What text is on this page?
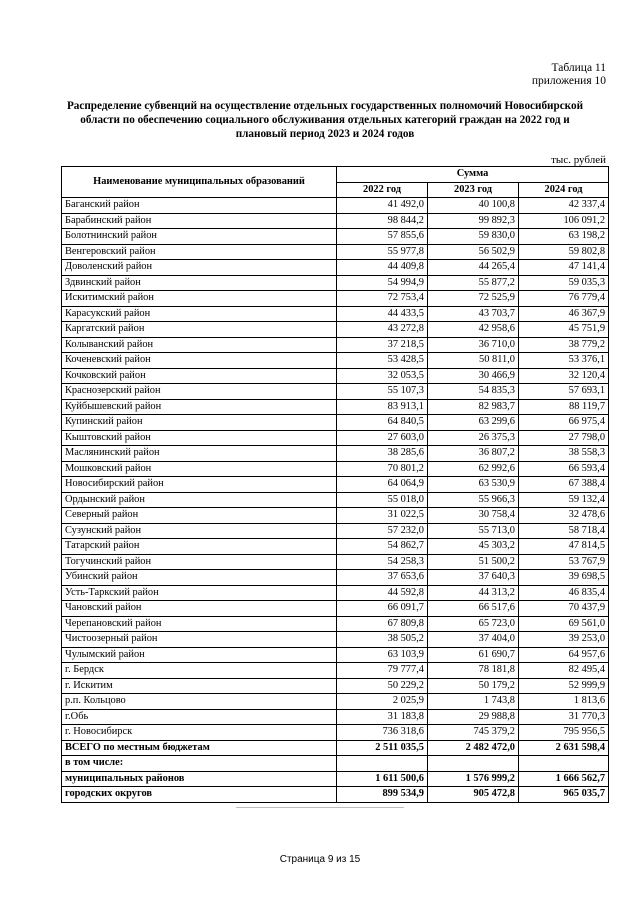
Таблица 11
приложения 10
Распределение субвенций на осуществление отдельных государственных полномочий Новосибирской области по обеспечению социального обслуживания отдельных категорий граждан на 2022 год и плановый период 2023 и 2024 годов
тыс. рублей
Наименование муниципальных образований	Сумма		
	2022 год	2023 год	2024 год
Баганский район	41 492,0	40 100,8	42 337,4
Барабинский район	98 844,2	99 892,3	106 091,2
Болотнинский район	57 855,6	59 830,0	63 198,2
Венгеровский район	55 977,8	56 502,9	59 802,8
Доволенский район	44 409,8	44 265,4	47 141,4
Здвинский район	54 994,9	55 877,2	59 035,3
Искитимский район	72 753,4	72 525,9	76 779,4
Карасукский район	44 433,5	43 703,7	46 367,9
Каргатский район	43 272,8	42 958,6	45 751,9
Колыванский район	37 218,5	36 710,0	38 779,2
Коченевский район	53 428,5	50 811,0	53 376,1
Кочковский район	32 053,5	30 466,9	32 120,4
Краснозерский район	55 107,3	54 835,3	57 693,1
Куйбышевский район	83 913,1	82 983,7	88 119,7
Купинский район	64 840,5	63 299,6	66 975,4
Кыштовский район	27 603,0	26 375,3	27 798,0
Маслянинский район	38 285,6	36 807,2	38 558,3
Мошковский район	70 801,2	62 992,6	66 593,4
Новосибирский район	64 064,9	63 530,9	67 388,4
Ордынский район	55 018,0	55 966,3	59 132,4
Северный район	31 022,5	30 758,4	32 478,6
Сузунский район	57 232,0	55 713,0	58 718,4
Татарский район	54 862,7	45 303,2	47 814,5
Тогучинский район	54 258,3	51 500,2	53 767,9
Убинский район	37 653,6	37 640,3	39 698,5
Усть-Таркский район	44 592,8	44 313,2	46 835,4
Чановский район	66 091,7	66 517,6	70 437,9
Черепановский район	67 809,8	65 723,0	69 561,0
Чистоозерный район	38 505,2	37 404,0	39 253,0
Чулымский район	63 103,9	61 690,7	64 957,6
г. Бердск	79 777,4	78 181,8	82 495,4
г. Искитим	50 229,2	50 179,2	52 999,9
р.п. Кольцово	2 025,9	1 743,8	1 813,6
г.Обь	31 183,8	29 988,8	31 770,3
г. Новосибирск	736 318,6	745 379,2	795 956,5
ВСЕГО по местным бюджетам	2 511 035,5	2 482 472,0	2 631 598,4
в том числе:			
муниципальных районов	1 611 500,6	1 576 999,2	1 666 562,7
городских округов	899 534,9	905 472,8	965 035,7
Страница 9 из 15
